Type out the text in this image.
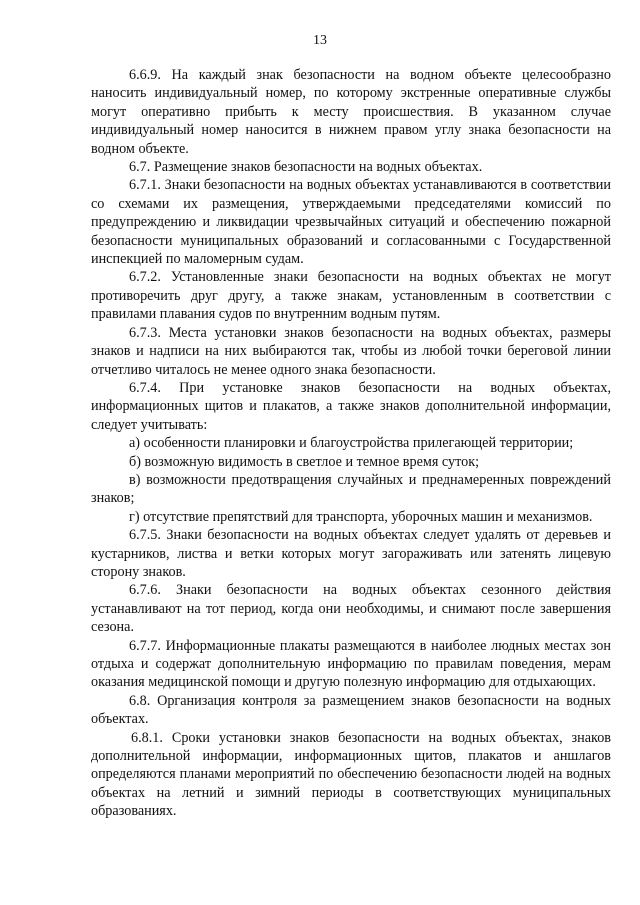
13

6.6.9. На каждый знак безопасности на водном объекте целесообразно наносить индивидуальный номер, по которому экстренные оперативные службы могут оперативно прибыть к месту происшествия. В указанном случае индивидуальный номер наносится в нижнем правом углу знака безопасности на водном объекте.

6.7. Размещение знаков безопасности на водных объектах.

6.7.1. Знаки безопасности на водных объектах устанавливаются в соответствии со схемами их размещения, утверждаемыми председателями комиссий по предупреждению и ликвидации чрезвычайных ситуаций и обеспечению пожарной безопасности муниципальных образований и согласованными с Государственной инспекцией по маломерным судам.

6.7.2. Установленные знаки безопасности на водных объектах не могут противоречить друг другу, а также знакам, установленным в соответствии с правилами плавания судов по внутренним водным путям.

6.7.3. Места установки знаков безопасности на водных объектах, размеры знаков и надписи на них выбираются так, чтобы из любой точки береговой линии отчетливо читалось не менее одного знака безопасности.

6.7.4. При установке знаков безопасности на водных объектах, информационных щитов и плакатов, а также знаков дополнительной информации, следует учитывать:

а) особенности планировки и благоустройства прилегающей территории;

б) возможную видимость в светлое и темное время суток;

в) возможности предотвращения случайных и преднамеренных повреждений знаков;

г) отсутствие препятствий для транспорта, уборочных машин и механизмов.

6.7.5. Знаки безопасности на водных объектах следует удалять от деревьев и кустарников, листва и ветки которых могут загораживать или затенять лицевую сторону знаков.

6.7.6. Знаки безопасности на водных объектах сезонного действия устанавливают на тот период, когда они необходимы, и снимают после завершения сезона.

6.7.7. Информационные плакаты размещаются в наиболее людных местах зон отдыха и содержат дополнительную информацию по правилам поведения, мерам оказания медицинской помощи и другую полезную информацию для отдыхающих.

6.8. Организация контроля за размещением знаков безопасности на водных объектах.

6.8.1. Сроки установки знаков безопасности на водных объектах, знаков дополнительной информации, информационных щитов, плакатов и аншлагов определяются планами мероприятий по обеспечению безопасности людей на водных объектах на летний и зимний периоды в соответствующих муниципальных образованиях.
